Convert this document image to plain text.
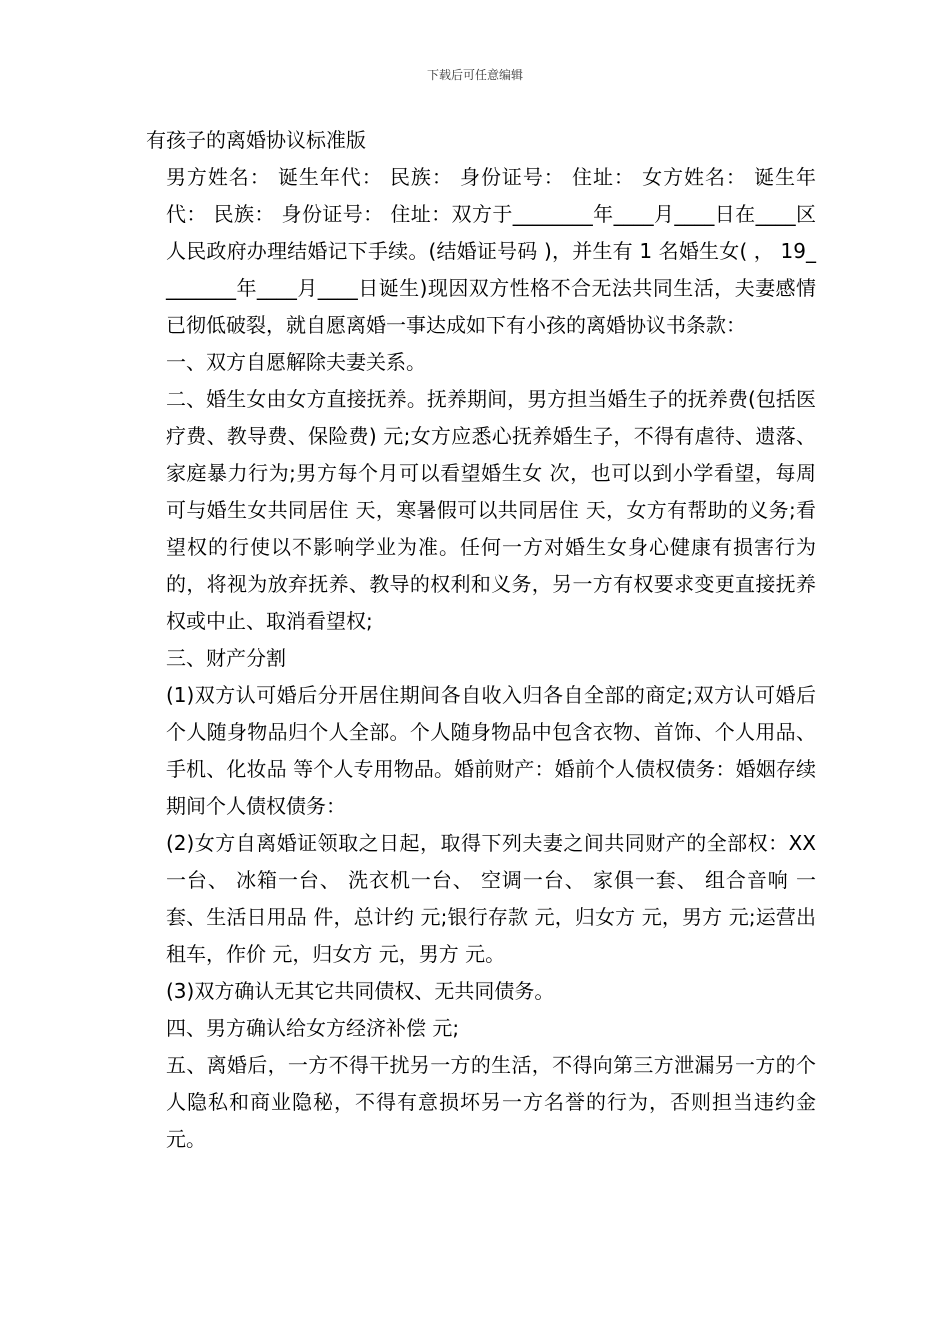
下载后可任意编辑

有孩子的离婚协议标准版

男方姓名： 诞生年代： 民族： 身份证号： 住址： 女方姓名： 诞生年代： 民族： 身份证号： 住址：双方于________年____月____日在____区人民政府办理结婚记下手续。(结婚证号码 )，并生有 1 名婚生女( ， 19________年____月____日诞生)现因双方性格不合无法共同生活，夫妻感情已彻低破裂，就自愿离婚一事达成如下有小孩的离婚协议书条款：

一、双方自愿解除夫妻关系。

二、婚生女由女方直接抚养。抚养期间，男方担当婚生子的抚养费(包括医疗费、教导费、保险费) 元;女方应悉心抚养婚生子，不得有虐待、遗落、家庭暴力行为;男方每个月可以看望婚生女 次，也可以到小学看望，每周可与婚生女共同居住 天，寒暑假可以共同居住 天，女方有帮助的义务;看望权的行使以不影响学业为准。任何一方对婚生女身心健康有损害行为的，将视为放弃抚养、教导的权利和义务，另一方有权要求变更直接抚养权或中止、取消看望权;

三、财产分割

(1)双方认可婚后分开居住期间各自收入归各自全部的商定;双方认可婚后个人随身物品归个人全部。个人随身物品中包含衣物、首饰、个人用品、手机、化妆品 等个人专用物品。婚前财产：婚前个人债权债务：婚姻存续期间个人债权债务：

(2)女方自离婚证领取之日起，取得下列夫妻之间共同财产的全部权：XX 一台、 冰箱一台、 洗衣机一台、 空调一台、 家俱一套、 组合音响 一套、生活日用品 件，总计约 元;银行存款 元，归女方 元，男方 元;运营出租车，作价 元，归女方 元，男方 元。

(3)双方确认无其它共同债权、无共同债务。

四、男方确认给女方经济补偿 元;

五、离婚后，一方不得干扰另一方的生活，不得向第三方泄漏另一方的个人隐私和商业隐秘，不得有意损坏另一方名誉的行为，否则担当违约金 元。
